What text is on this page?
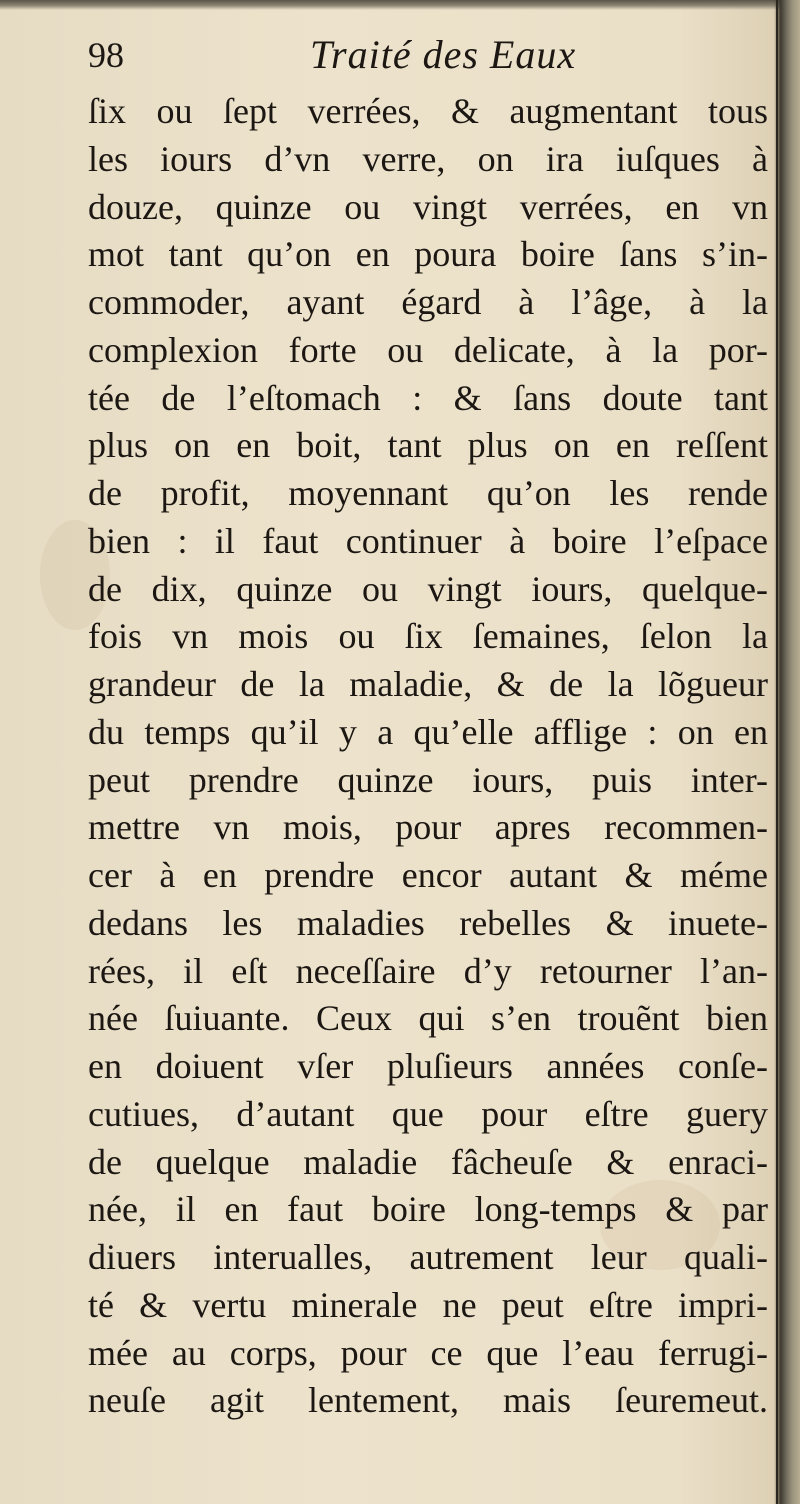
98	Traité des Eaux
ſix ou ſept verrées, & augmentant tous
les iours d’vn verre, on ira iuſques à
douze, quinze ou vingt verrées, en vn
mot tant qu’on en poura boire ſans s’in-
commoder, ayant égard à l’âge, à la
complexion forte ou delicate, à la por-
tée de l’eſtomach : & ſans doute tant
plus on en boit, tant plus on en reſſent
de profit, moyennant qu’on les rende
bien : il faut continuer à boire l’eſpace
de dix, quinze ou vingt iours, quelque-
fois vn mois ou ſix ſemaines, ſelon la
grandeur de la maladie, & de la lõgueur
du temps qu’il y a qu’elle afflige : on en
peut prendre quinze iours, puis inter-
mettre vn mois, pour apres recommen-
cer à en prendre encor autant & méme
dedans les maladies rebelles & inuete-
rées, il eſt neceſſaire d’y retourner l’an-
née ſuiuante. Ceux qui s’en trouẽnt bien
en doiuent vſer pluſieurs années conſe-
cutiues, d’autant que pour eſtre guery
de quelque maladie fâcheuſe & enraci-
née, il en faut boire long-temps & par
diuers interualles, autrement leur quali-
té & vertu minerale ne peut eſtre impri-
mée au corps, pour ce que l’eau ferrugi-
neuſe agit lentement, mais ſeuremeut.
